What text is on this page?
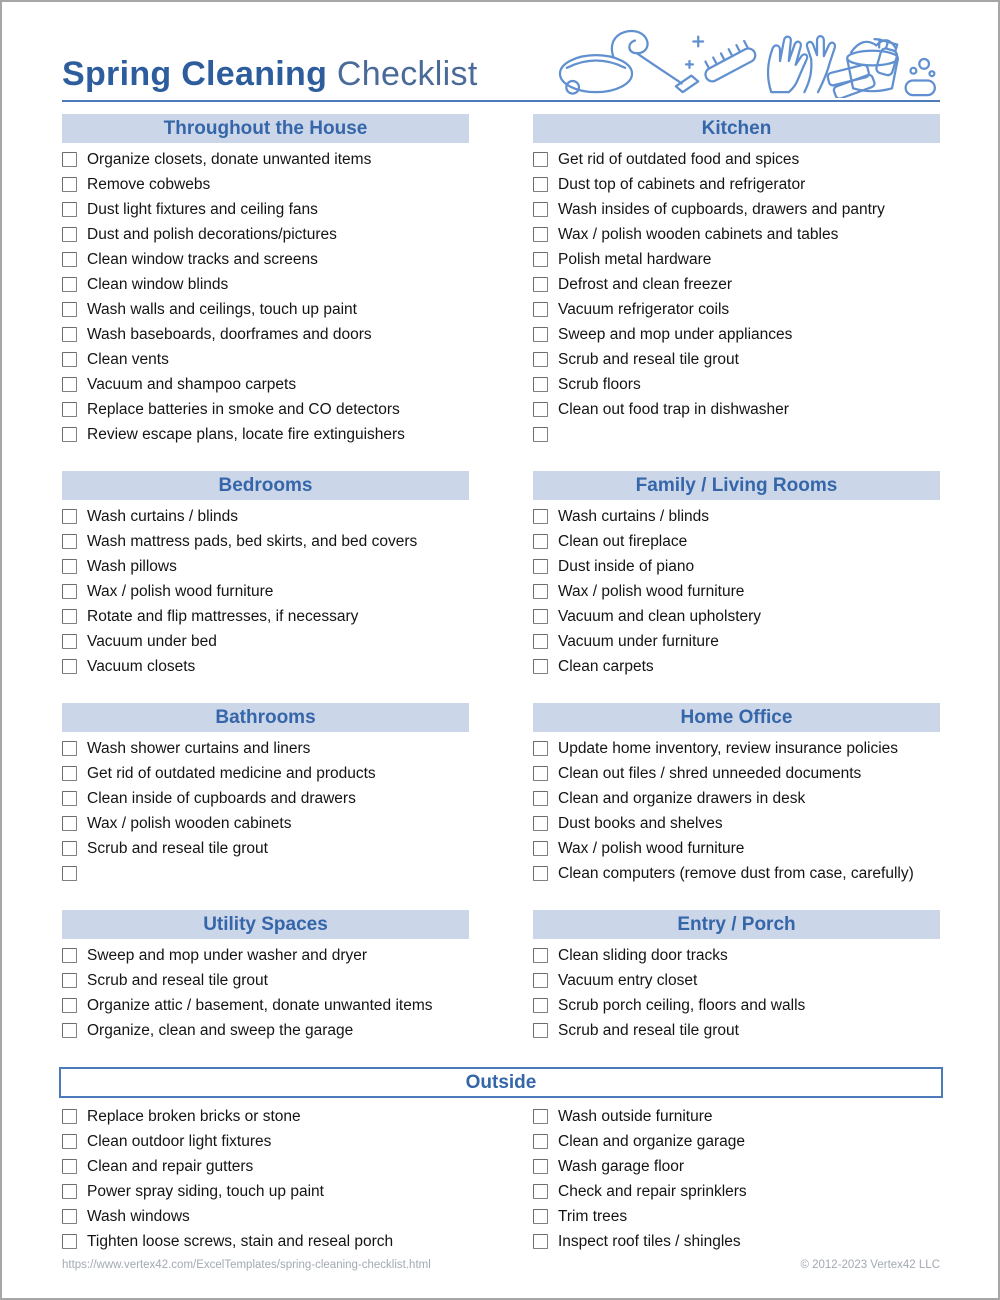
Spring Cleaning Checklist
Throughout the House
Organize closets, donate unwanted items
Remove cobwebs
Dust light fixtures and ceiling fans
Dust and polish decorations/pictures
Clean window tracks and screens
Clean window blinds
Wash walls and ceilings, touch up paint
Wash baseboards, doorframes and doors
Clean vents
Vacuum and shampoo carpets
Replace batteries in smoke and CO detectors
Review escape plans, locate fire extinguishers
Kitchen
Get rid of outdated food and spices
Dust top of cabinets and refrigerator
Wash insides of cupboards, drawers and pantry
Wax / polish wooden cabinets and tables
Polish metal hardware
Defrost and clean freezer
Vacuum refrigerator coils
Sweep and mop under appliances
Scrub and reseal tile grout
Scrub floors
Clean out food trap in dishwasher
Bedrooms
Wash curtains / blinds
Wash mattress pads, bed skirts, and bed covers
Wash pillows
Wax / polish wood furniture
Rotate and flip mattresses, if necessary
Vacuum under bed
Vacuum closets
Family / Living Rooms
Wash curtains / blinds
Clean out fireplace
Dust inside of piano
Wax / polish wood furniture
Vacuum and clean upholstery
Vacuum under furniture
Clean carpets
Bathrooms
Wash shower curtains and liners
Get rid of outdated medicine and products
Clean inside of cupboards and drawers
Wax / polish wooden cabinets
Scrub and reseal tile grout
Home Office
Update home inventory, review insurance policies
Clean out files / shred unneeded documents
Clean and organize drawers in desk
Dust books and shelves
Wax / polish wood furniture
Clean computers (remove dust from case, carefully)
Utility Spaces
Sweep and mop under washer and dryer
Scrub and reseal tile grout
Organize attic / basement, donate unwanted items
Organize, clean and sweep the garage
Entry / Porch
Clean sliding door tracks
Vacuum entry closet
Scrub porch ceiling, floors and walls
Scrub and reseal tile grout
Outside
Replace broken bricks or stone
Clean outdoor light fixtures
Clean and repair gutters
Power spray siding, touch up paint
Wash windows
Tighten loose screws, stain and reseal porch
Wash outside furniture
Clean and organize garage
Wash garage floor
Check and repair sprinklers
Trim trees
Inspect roof tiles / shingles
https://www.vertex42.com/ExcelTemplates/spring-cleaning-checklist.html	© 2012-2023 Vertex42 LLC
